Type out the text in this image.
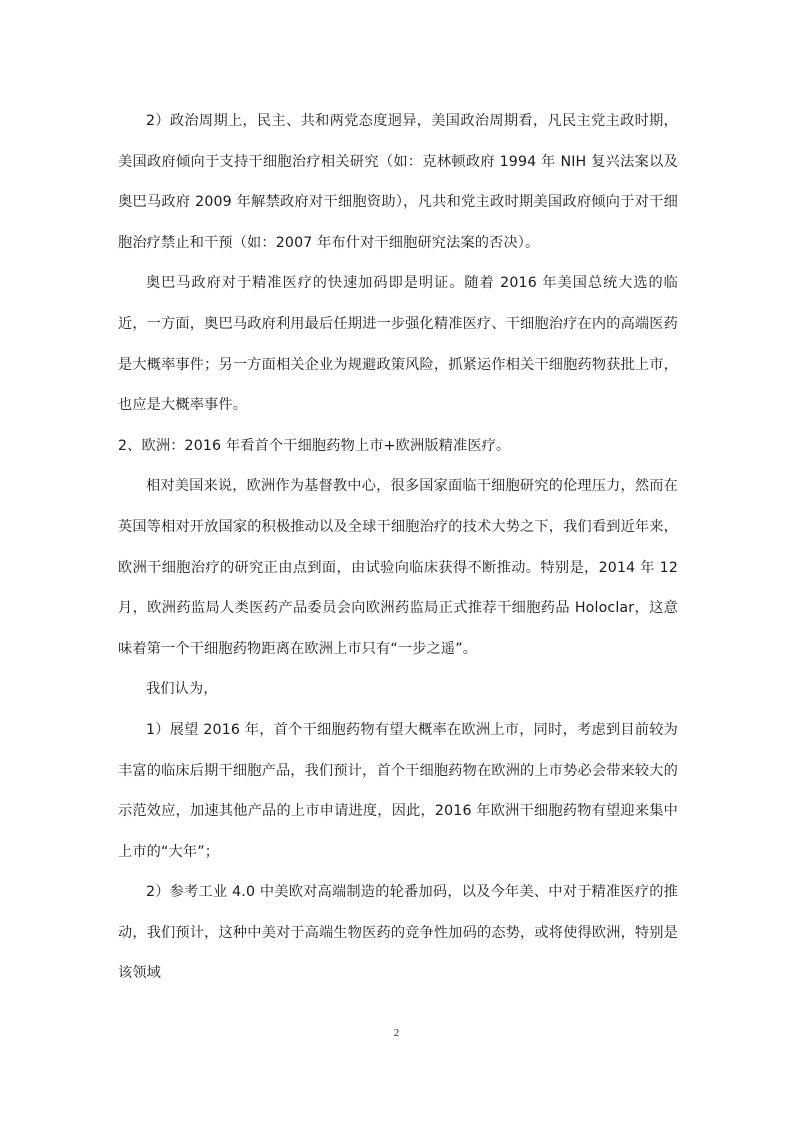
2）政治周期上，民主、共和两党态度迥异，美国政治周期看，凡民主党主政时期，美国政府倾向于支持干细胞治疗相关研究（如：克林顿政府 1994 年 NIH 复兴法案以及奥巴马政府 2009 年解禁政府对干细胞资助），凡共和党主政时期美国政府倾向于对干细胞治疗禁止和干预（如：2007 年布什对干细胞研究法案的否决）。

奥巴马政府对于精准医疗的快速加码即是明证。随着 2016 年美国总统大选的临近，一方面，奥巴马政府利用最后任期进一步强化精准医疗、干细胞治疗在内的高端医药是大概率事件；另一方面相关企业为规避政策风险，抓紧运作相关干细胞药物获批上市，也应是大概率事件。

2、欧洲：2016 年看首个干细胞药物上市+欧洲版精准医疗。

相对美国来说，欧洲作为基督教中心，很多国家面临干细胞研究的伦理压力，然而在英国等相对开放国家的积极推动以及全球干细胞治疗的技术大势之下，我们看到近年来，欧洲干细胞治疗的研究正由点到面，由试验向临床获得不断推动。特别是，2014 年 12 月，欧洲药监局人类医药产品委员会向欧洲药监局正式推荐干细胞药品 Holoclar，这意味着第一个干细胞药物距离在欧洲上市只有“一步之遥”。

我们认为，

1）展望 2016 年，首个干细胞药物有望大概率在欧洲上市，同时，考虑到目前较为丰富的临床后期干细胞产品，我们预计，首个干细胞药物在欧洲的上市势必会带来较大的示范效应，加速其他产品的上市申请进度，因此，2016 年欧洲干细胞药物有望迎来集中上市的“大年”；

2）参考工业 4.0 中美欧对高端制造的轮番加码，以及今年美、中对于精准医疗的推动，我们预计，这种中美对于高端生物医药的竞争性加码的态势，或将使得欧洲，特别是该领域

2
